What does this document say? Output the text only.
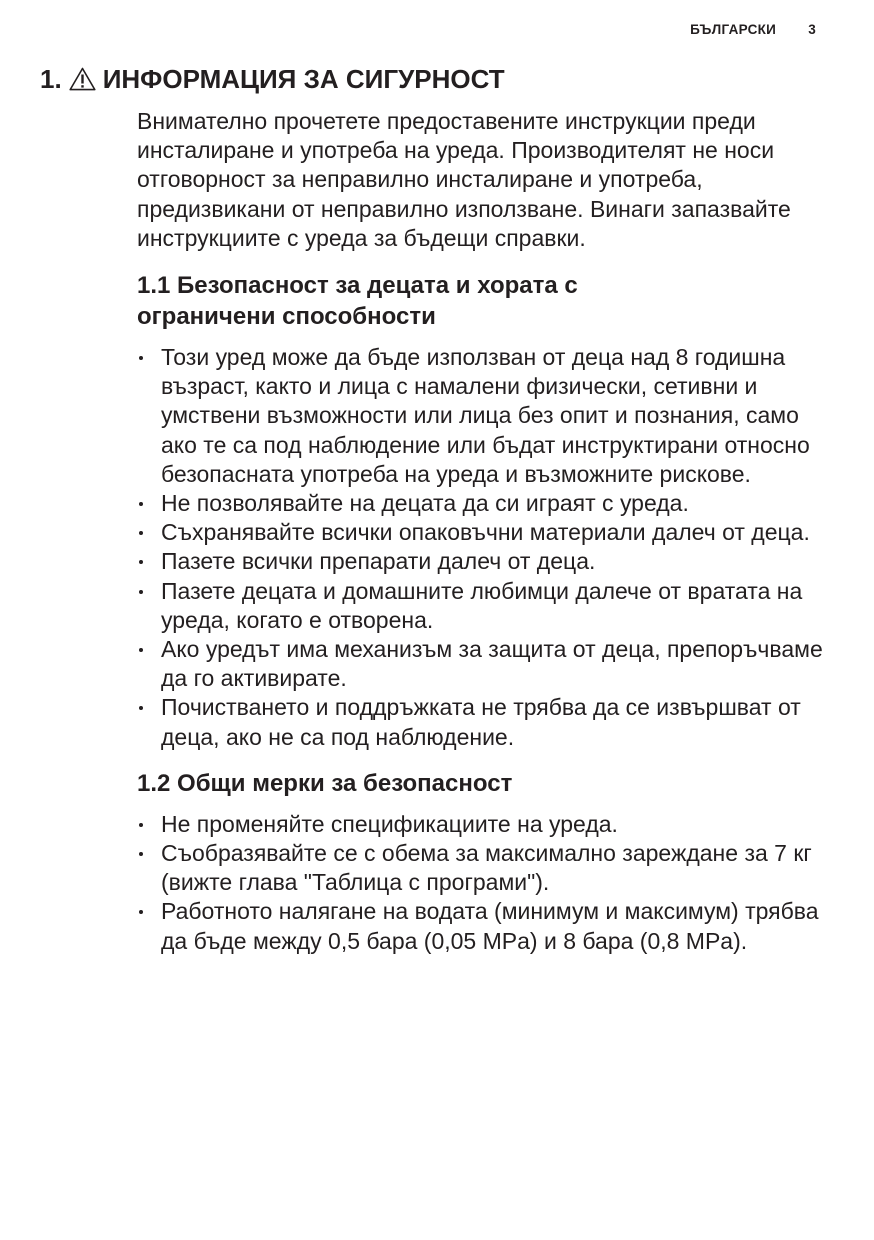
БЪЛГАРСКИ 3
1. ИНФОРМАЦИЯ ЗА СИГУРНОСТ

Внимателно прочетете предоставените инструкции преди инсталиране и употреба на уреда. Производителят не носи отговорност за неправилно инсталиране и употреба, предизвикани от неправилно използване. Винаги запазвайте инструкциите с уреда за бъдещи справки.

1.1 Безопасност за децата и хората с
ограничени способности
Този уред може да бъде използван от деца над 8 годишна възраст, както и лица с намалени физически, сетивни и умствени възможности или лица без опит и познания, само ако те са под наблюдение или бъдат инструктирани относно безопасната употреба на уреда и възможните рискове.
Не позволявайте на децата да си играят с уреда.
Съхранявайте всички опаковъчни материали далеч от деца.
Пазете всички препарати далеч от деца.
Пазете децата и домашните любимци далече от вратата на уреда, когато е отворена.
Ако уредът има механизъм за защита от деца, препоръчваме да го активирате.
Почистването и поддръжката не трябва да се извършват от деца, ако не са под наблюдение.
1.2 Общи мерки за безопасност
Не променяйте спецификациите на уреда.
Съобразявайте се с обема за максимално зареждане за 7 кг (вижте глава "Таблица с програми").
Работното налягане на водата (минимум и максимум) трябва да бъде между 0,5 бара (0,05 MPa) и 8 бара (0,8 MPa).
